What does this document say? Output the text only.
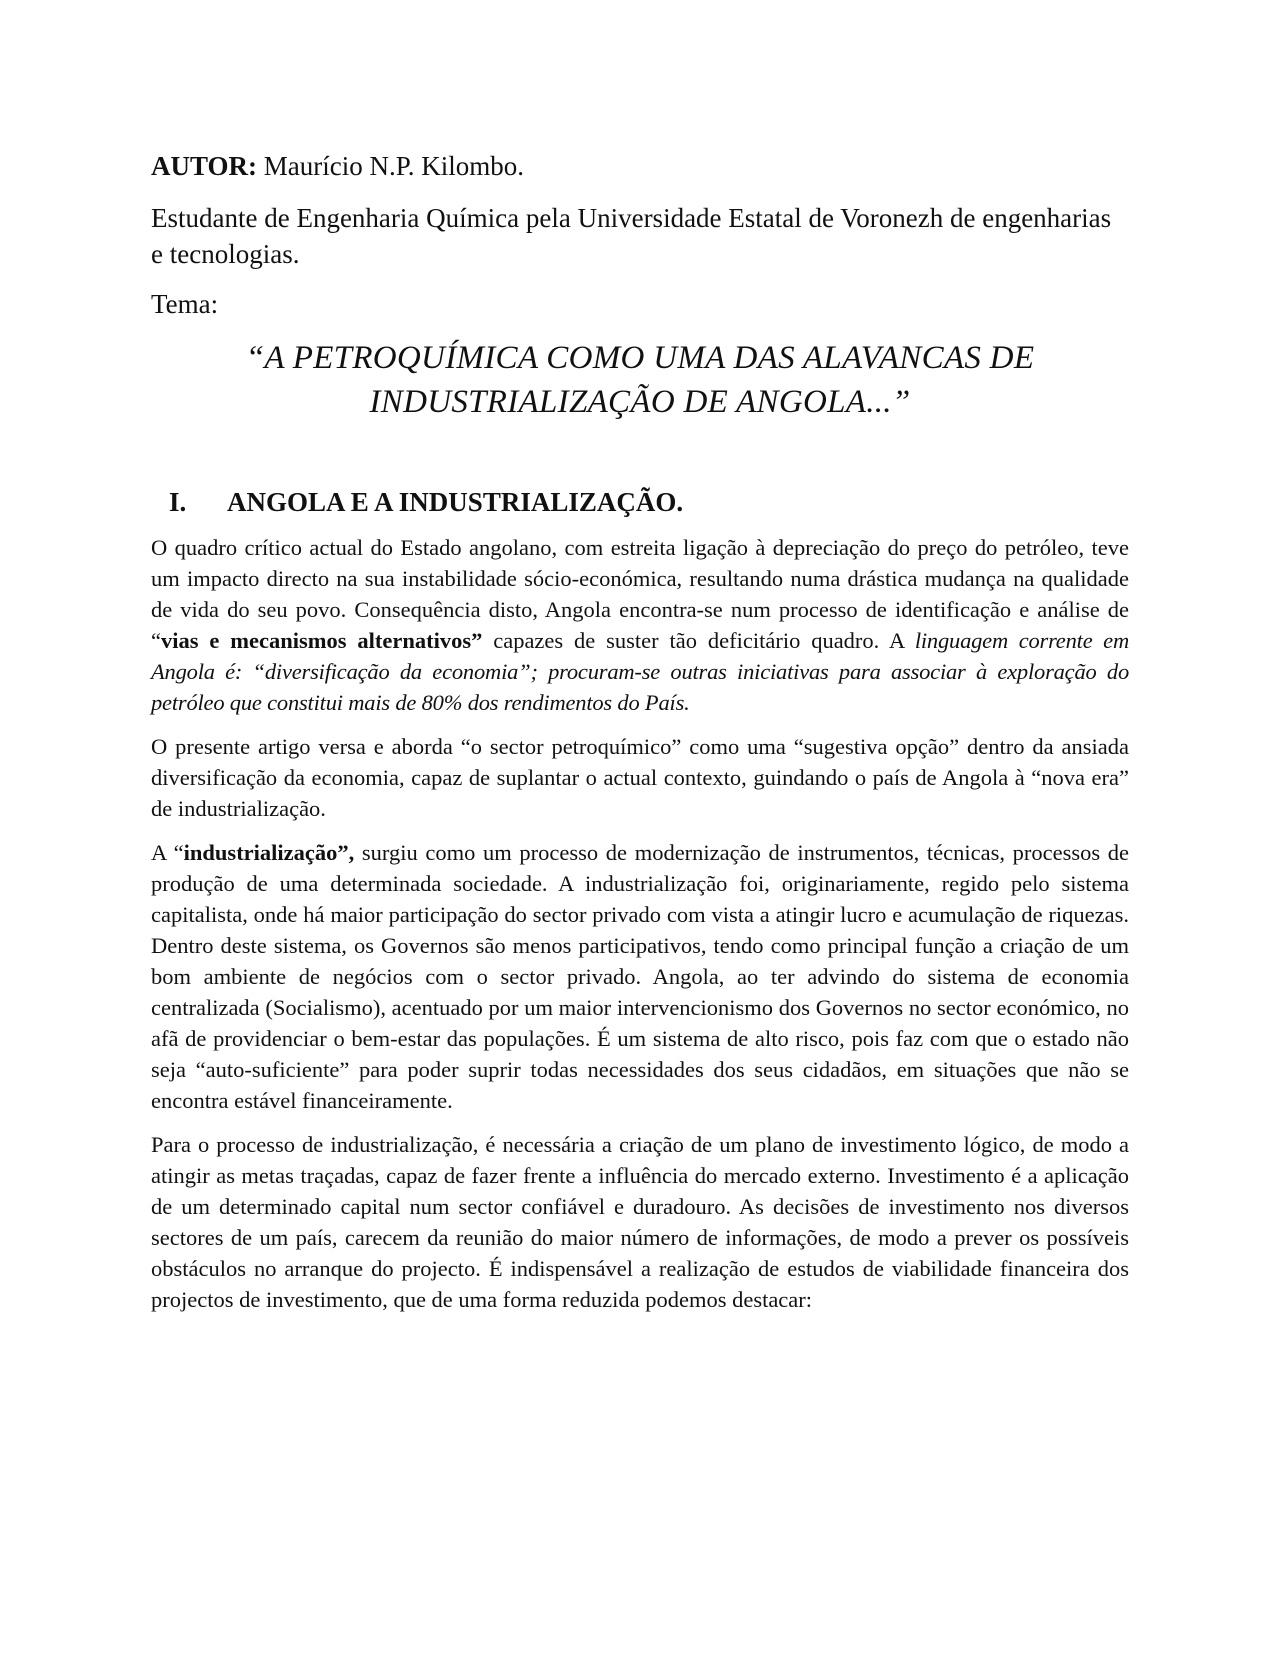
AUTOR: Maurício N.P. Kilombo.

Estudante de Engenharia Química pela Universidade Estatal de Voronezh de engenharias e tecnologias.

Tema:

“A PETROQUÍMICA COMO UMA DAS ALAVANCAS DE
INDUSTRIALIZAÇÃO DE ANGOLA...”
I.	ANGOLA E A INDUSTRIALIZAÇÃO.

O quadro crítico actual do Estado angolano, com estreita ligação à depreciação do preço do petróleo, teve um impacto directo na sua instabilidade sócio-económica, resultando numa drástica mudança na qualidade de vida do seu povo. Consequência disto, Angola encontra-se num processo de identificação e análise de “vias e mecanismos alternativos” capazes de suster tão deficitário quadro. A linguagem corrente em Angola é: “diversificação da economia”; procuram-se outras iniciativas para associar à exploração do petróleo que constitui mais de 80% dos rendimentos do País.

O presente artigo versa e aborda “o sector petroquímico” como uma “sugestiva opção” dentro da ansiada diversificação da economia, capaz de suplantar o actual contexto, guindando o país de Angola à “nova era” de industrialização.

A “industrialização”, surgiu como um processo de modernização de instrumentos, técnicas, processos de produção de uma determinada sociedade. A industrialização foi, originariamente, regido pelo sistema capitalista, onde há maior participação do sector privado com vista a atingir lucro e acumulação de riquezas. Dentro deste sistema, os Governos são menos participativos, tendo como principal função a criação de um bom ambiente de negócios com o sector privado. Angola, ao ter advindo do sistema de economia centralizada (Socialismo), acentuado por um maior intervencionismo dos Governos no sector económico, no afã de providenciar o bem-estar das populações. É um sistema de alto risco, pois faz com que o estado não seja “auto-suficiente” para poder suprir todas necessidades dos seus cidadãos, em situações que não se encontra estável financeiramente.

Para o processo de industrialização, é necessária a criação de um plano de investimento lógico, de modo a atingir as metas traçadas, capaz de fazer frente a influência do mercado externo. Investimento é a aplicação de um determinado capital num sector confiável e duradouro. As decisões de investimento nos diversos sectores de um país, carecem da reunião do maior número de informações, de modo a prever os possíveis obstáculos no arranque do projecto. É indispensável a realização de estudos de viabilidade financeira dos projectos de investimento, que de uma forma reduzida podemos destacar:
